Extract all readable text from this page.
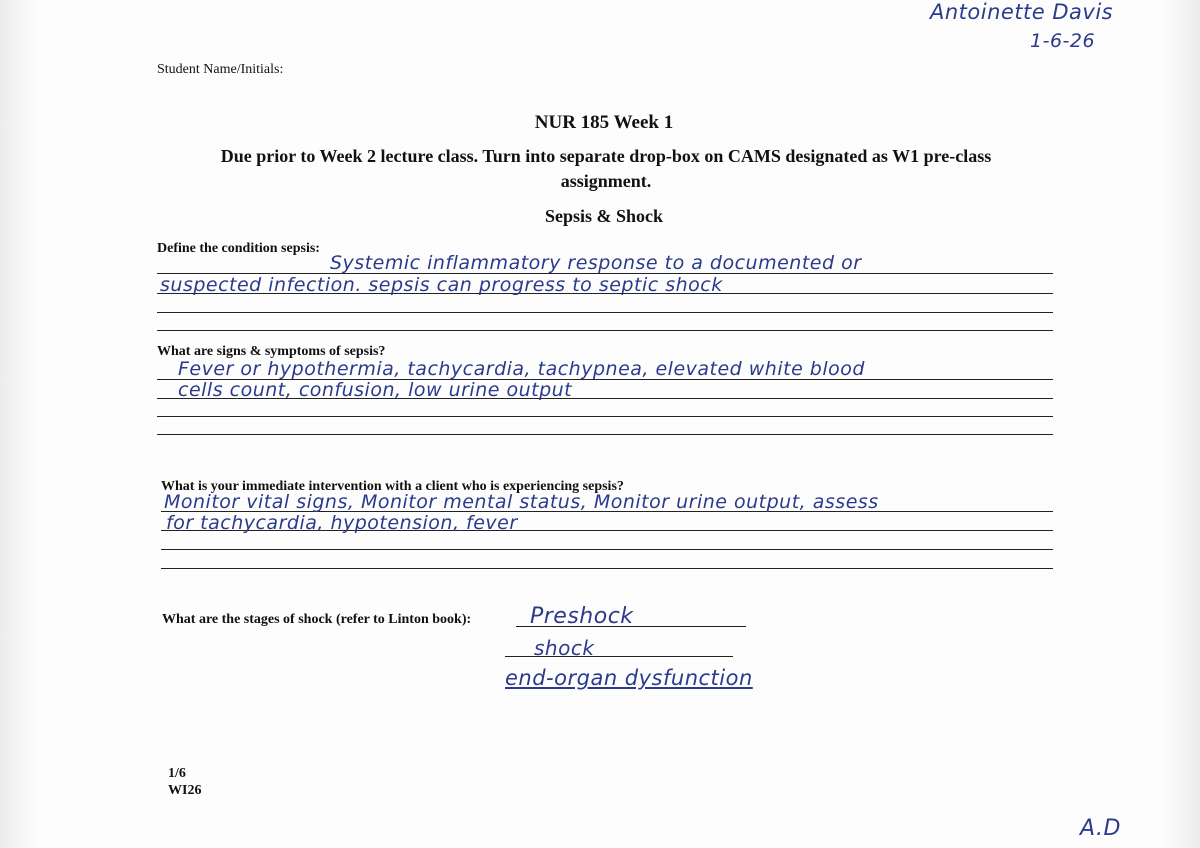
Antoinette Davis
1-6-26
Student Name/Initials:
NUR 185 Week 1
Due prior to Week 2 lecture class. Turn into separate drop-box on CAMS designated as W1 pre-class
assignment.
Sepsis & Shock
Define the condition sepsis:
Systemic inflammatory response to a documented or
suspected infection. sepsis can progress to septic shock
What are signs & symptoms of sepsis?
Fever or hypothermia, tachycardia, tachypnea, elevated white blood
cells count, confusion, low urine output
What is your immediate intervention with a client who is experiencing sepsis?
Monitor vital signs, Monitor mental status, Monitor urine output, assess
for tachycardia, hypotension, fever
What are the stages of shock (refer to Linton book):	Preshock
shock
end-organ dysfunction
1/6
WI26
A.D
